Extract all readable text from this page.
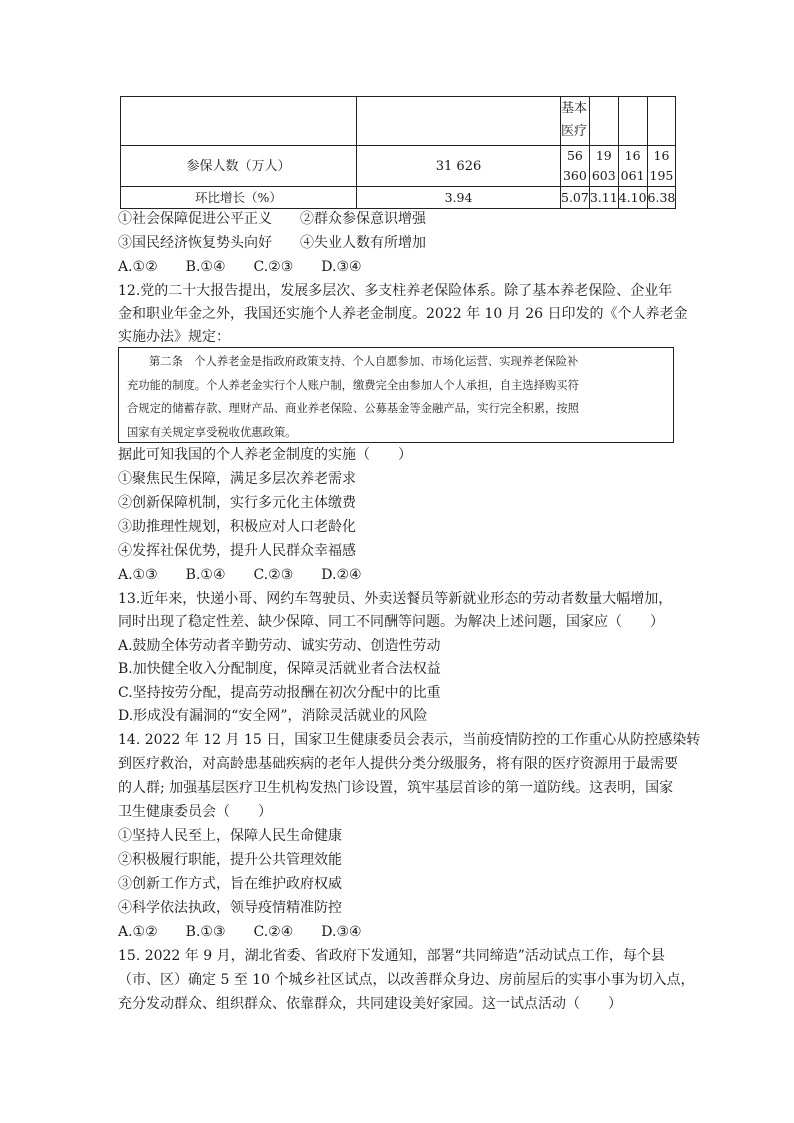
		基本医疗			
参保人数（万人）	31 626	56 360	19 603	16 061	16 195
环比增长（%）	3.94	5.07	3.11	4.10	6.38
①社会保障促进公平正义　　②群众参保意识增强
③国民经济恢复势头向好　　④失业人数有所增加
A.①②　　B.①④　　C.②③　　D.③④
12.党的二十大报告提出，发展多层次、多支柱养老保险体系。除了基本养老保险、企业年
金和职业年金之外，我国还实施个人养老金制度。2022 年 10 月 26 日印发的《个人养老金
实施办法》规定：
第二条　个人养老金是指政府政策支持、个人自愿参加、市场化运营、实现养老保险补
充功能的制度。个人养老金实行个人账户制，缴费完全由参加人个人承担，自主选择购买符
合规定的储蓄存款、理财产品、商业养老保险、公募基金等金融产品，实行完全积累，按照
国家有关规定享受税收优惠政策。
据此可知我国的个人养老金制度的实施（　　）
①聚焦民生保障，满足多层次养老需求
②创新保障机制，实行多元化主体缴费
③助推理性规划，积极应对人口老龄化
④发挥社保优势，提升人民群众幸福感
A.①③　　B.①④　　C.②③　　D.②④
13.近年来，快递小哥、网约车驾驶员、外卖送餐员等新就业形态的劳动者数量大幅增加，
同时出现了稳定性差、缺少保障、同工不同酬等问题。为解决上述问题，国家应（　　）
A.鼓励全体劳动者辛勤劳动、诚实劳动、创造性劳动
B.加快健全收入分配制度，保障灵活就业者合法权益
C.坚持按劳分配，提高劳动报酬在初次分配中的比重
D.形成没有漏洞的“安全网”，消除灵活就业的风险
14. 2022 年 12 月 15 日，国家卫生健康委员会表示，当前疫情防控的工作重心从防控感染转
到医疗救治，对高龄患基础疾病的老年人提供分类分级服务，将有限的医疗资源用于最需要
的人群; 加强基层医疗卫生机构发热门诊设置，筑牢基层首诊的第一道防线。这表明，国家
卫生健康委员会（　　）
①坚持人民至上，保障人民生命健康
②积极履行职能，提升公共管理效能
③创新工作方式，旨在维护政府权威
④科学依法执政，领导疫情精准防控
A.①②　　B.①③　　C.②④　　D.③④
15. 2022 年 9 月，湖北省委、省政府下发通知，部署“共同缔造”活动试点工作，每个县
（市、区）确定 5 至 10 个城乡社区试点，以改善群众身边、房前屋后的实事小事为切入点，
充分发动群众、组织群众、依靠群众，共同建设美好家园。这一试点活动（　　）
